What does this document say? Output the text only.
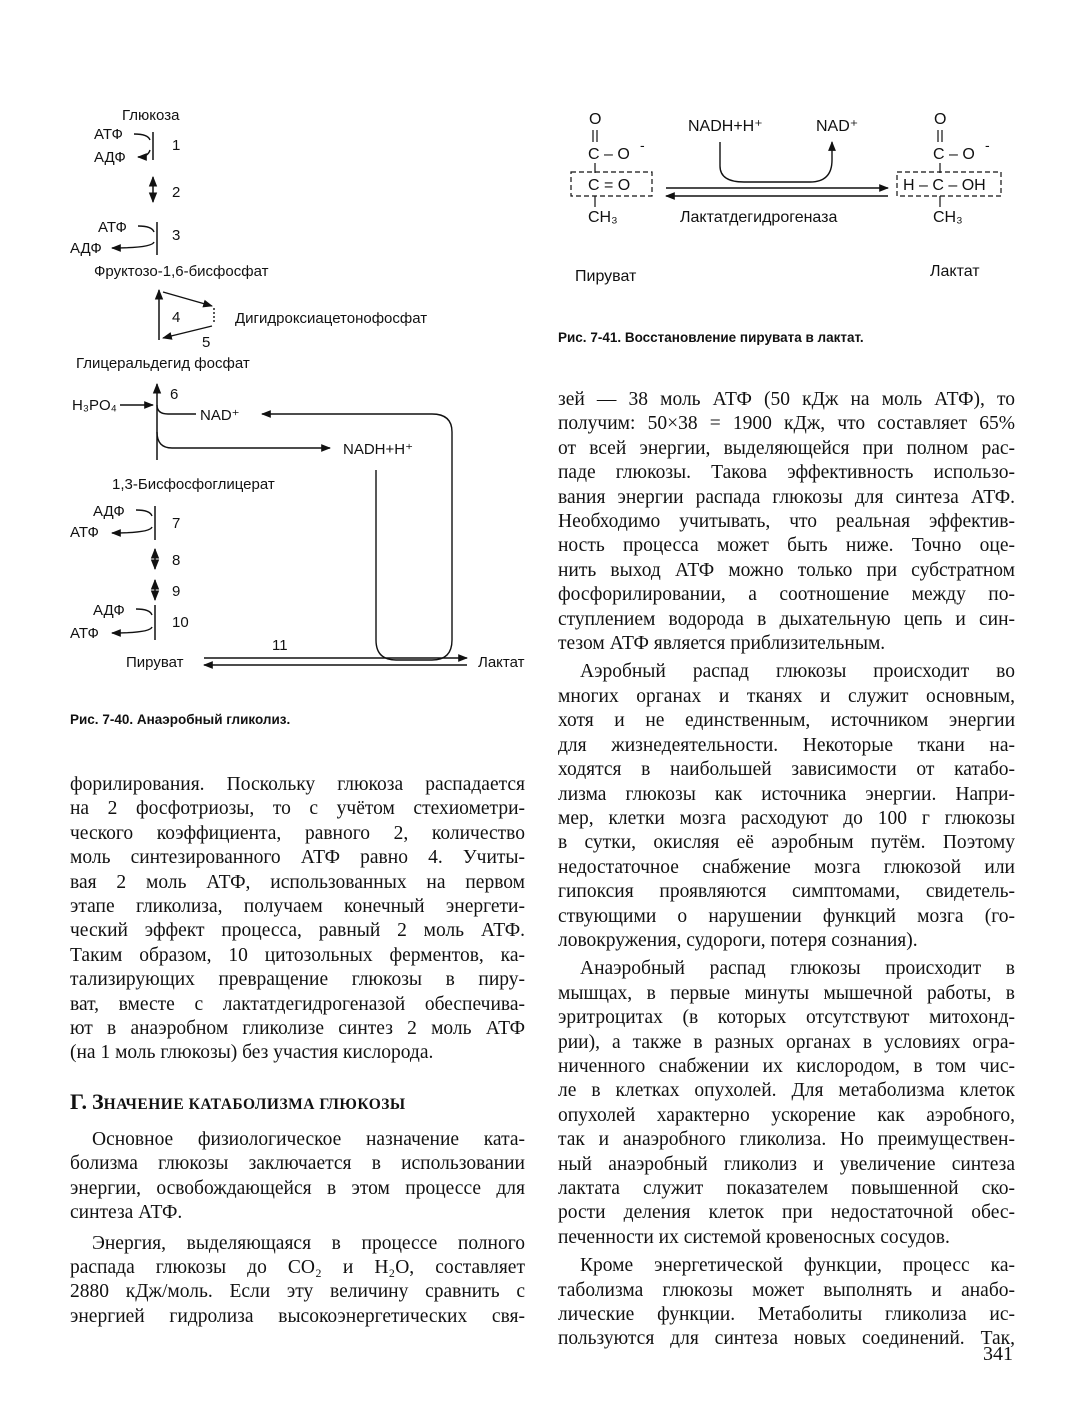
Глюкоза
АТФ
АДФ
1
2
АТФ
АДФ
3
Фруктозо-1,6-бисфосфат
4
5
Дигидроксиацетонофосфат
Глицеральдегид фосфат
H₃PO₄
6
NAD⁺
NADH+H⁺
1,3-Бисфосфоглицерат
АДФ
АТФ
7
8
9
АДФ
АТФ
10
Пируват
11
Лактат
O
C – O
-
C = O
CH₃
NADH+H⁺	NAD⁺
Лактатдегидрогеназа
O
C – O
-
H – C – OH
CH₃
Пируват	Лактат
Рис. 7-40. Анаэробный гликолиз.
Рис. 7-41. Восстановление пирувата в лактат.

форилирования. Поскольку глюкоза распадается
на 2 фосфотриозы, то с учётом стехиометри-
ческого коэффициента, равного 2, количество
моль синтезированного АТФ равно 4. Учиты-
вая 2 моль АТФ, использованных на первом
этапе гликолиза, получаем конечный энергети-
ческий эффект процесса, равный 2 моль АТФ.
Таким образом, 10 цитозольных ферментов, ка-
тализирующих превращение глюкозы в пиру-
ват, вместе с лактатдегидрогеназой обеспечива-
ют в анаэробном гликолизе синтез 2 моль АТФ
(на 1 моль глюкозы) без участия кислорода.

Г. ЗНАЧЕНИЕ КАТАБОЛИЗМА ГЛЮКОЗЫ

Основное физиологическое назначение ката-
болизма глюкозы заключается в использовании
энергии, освобождающейся в этом процессе для
синтеза АТФ.

Энергия, выделяющаяся в процессе полного
распада глюкозы до CO₂ и H₂O, составляет
2880 кДж/моль. Если эту величину сравнить с
энергией гидролиза высокоэнергетических свя-

зей — 38 моль АТФ (50 кДж на моль АТФ), то
получим: 50×38 = 1900 кДж, что составляет 65%
от всей энергии, выделяющейся при полном рас-
паде глюкозы. Такова эффективность использо-
вания энергии распада глюкозы для синтеза АТФ.
Необходимо учитывать, что реальная эффектив-
ность процесса может быть ниже. Точно оце-
нить выход АТФ можно только при субстратном
фосфорилировании, а соотношение между по-
ступлением водорода в дыхательную цепь и син-
тезом АТФ является приблизительным.

Аэробный распад глюкозы происходит во
многих органах и тканях и служит основным,
хотя и не единственным, источником энергии
для жизнедеятельности. Некоторые ткани на-
ходятся в наибольшей зависимости от катабо-
лизма глюкозы как источника энергии. Напри-
мер, клетки мозга расходуют до 100 г глюкозы
в сутки, окисляя её аэробным путём. Поэтому
недостаточное снабжение мозга глюкозой или
гипоксия проявляются симптомами, свидетель-
ствующими о нарушении функций мозга (го-
ловокружения, судороги, потеря сознания).

Анаэробный распад глюкозы происходит в
мышцах, в первые минуты мышечной работы, в
эритроцитах (в которых отсутствуют митохонд-
рии), а также в разных органах в условиях огра-
ниченного снабжении их кислородом, в том чис-
ле в клетках опухолей. Для метаболизма клеток
опухолей характерно ускорение как аэробного,
так и анаэробного гликолиза. Но преимуществен-
ный анаэробный гликолиз и увеличение синтеза
лактата служит показателем повышенной ско-
рости деления клеток при недостаточной обес-
печенности их системой кровеносных сосудов.

Кроме энергетической функции, процесс ка-
таболизма глюкозы может выполнять и анабо-
лические функции. Метаболиты гликолиза ис-
пользуются для синтеза новых соединений. Так,

341
